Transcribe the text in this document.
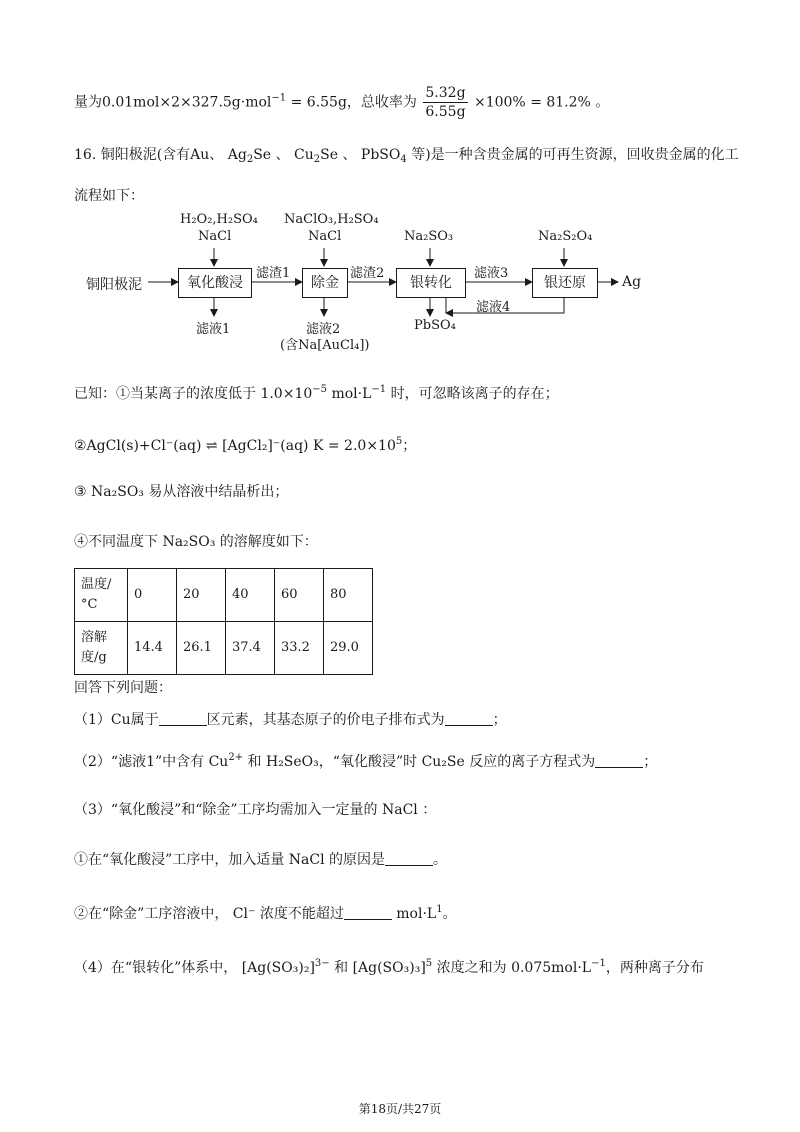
量为0.01mol×2×327.5g·mol$^{-1}$ = 6.55g，总收率为 $\frac{5.32g}{6.55g} \times 100\% = 81.2\%$ 。
16. 铜阳极泥(含有Au、 $Ag_2Se$ 、 $Cu_2Se$ 、 PbSO$_4$ 等)是一种含贵金属的可再生资源，回收贵金属的化工
流程如下：
铜阳极泥	氧化酸浸	除金	银转化	银还原	Ag
H₂O₂,H₂SO₄
NaCl
NaClO₃,H₂SO₄
NaCl	Na₂SO₃	Na₂S₂O₄
滤渣1	滤渣2	滤液3
滤液4
滤液1	滤液2
(含Na[AuCl₄])
PbSO₄
已知：①当某离子的浓度低于 $1.0\times 10^{-5}$ $mol\cdot L^{-1}$ 时，可忽略该离子的存在；
②AgCl(s)+Cl⁻(aq) ⇌ [AgCl₂]⁻(aq) $K = 2.0\times 10^5$；
③ Na₂SO₃ 易从溶液中结晶析出；
④不同温度下 Na₂SO₃ 的溶解度如下：
温度/°C	0	20	40	60	80
溶解度/g	14.4	26.1	37.4	33.2	29.0
回答下列问题：
（1）Cu属于	区元素，其基态原子的价电子排布式为	；
（2）“滤液1”中含有 $Cu^{2+}$ 和 H₂SeO₃，“氧化酸浸”时 Cu₂Se 反应的离子方程式为	；
（3）“氧化酸浸”和“除金”工序均需加入一定量的 NaCl ：
①在“氧化酸浸”工序中，加入适量 NaCl 的原因是	。
②在“除金”工序溶液中， Cl⁻ 浓度不能超过	$mol\cdot L^1$。
（4）在“银转化”体系中， $[Ag(SO_3)_2]^{3-}$ 和 $[Ag(SO_3)_3]^5$ 浓度之和为 $0.075mol\cdot L^{-1}$，两种离子分布
第18页/共27页
